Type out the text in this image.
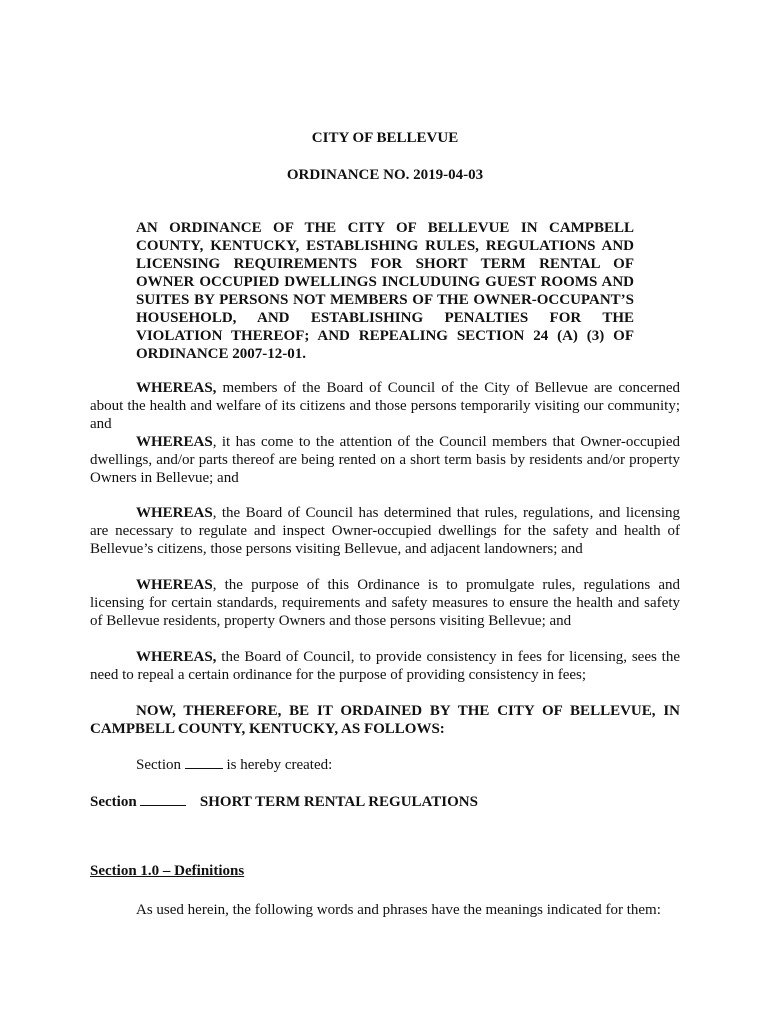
CITY OF BELLEVUE
ORDINANCE NO. 2019-04-03
AN ORDINANCE OF THE CITY OF BELLEVUE IN CAMPBELL COUNTY, KENTUCKY, ESTABLISHING RULES, REGULATIONS AND LICENSING REQUIREMENTS FOR SHORT TERM RENTAL OF OWNER OCCUPIED DWELLINGS INCLUDUING GUEST ROOMS AND SUITES BY PERSONS NOT MEMBERS OF THE OWNER-OCCUPANT’S HOUSEHOLD, AND ESTABLISHING PENALTIES FOR THE VIOLATION THEREOF; AND REPEALING SECTION 24 (A) (3) OF ORDINANCE 2007-12-01.
WHEREAS, members of the Board of Council of the City of Bellevue are concerned about the health and welfare of its citizens and those persons temporarily visiting our community; and
WHEREAS, it has come to the attention of the Council members that Owner-occupied dwellings, and/or parts thereof are being rented on a short term basis by residents and/or property Owners in Bellevue; and
WHEREAS, the Board of Council has determined that rules, regulations, and licensing are necessary to regulate and inspect Owner-occupied dwellings for the safety and health of Bellevue’s citizens, those persons visiting Bellevue, and adjacent landowners; and
WHEREAS, the purpose of this Ordinance is to promulgate rules, regulations and licensing for certain standards, requirements and safety measures to ensure the health and safety of Bellevue residents, property Owners and those persons visiting Bellevue; and
WHEREAS, the Board of Council, to provide consistency in fees for licensing, sees the need to repeal a certain ordinance for the purpose of providing consistency in fees;
NOW, THEREFORE, BE IT ORDAINED BY THE CITY OF BELLEVUE, IN CAMPBELL COUNTY, KENTUCKY, AS FOLLOWS:
Section	is hereby created:
Section	SHORT TERM RENTAL REGULATIONS
Section 1.0 – Definitions
As used herein, the following words and phrases have the meanings indicated for them:
